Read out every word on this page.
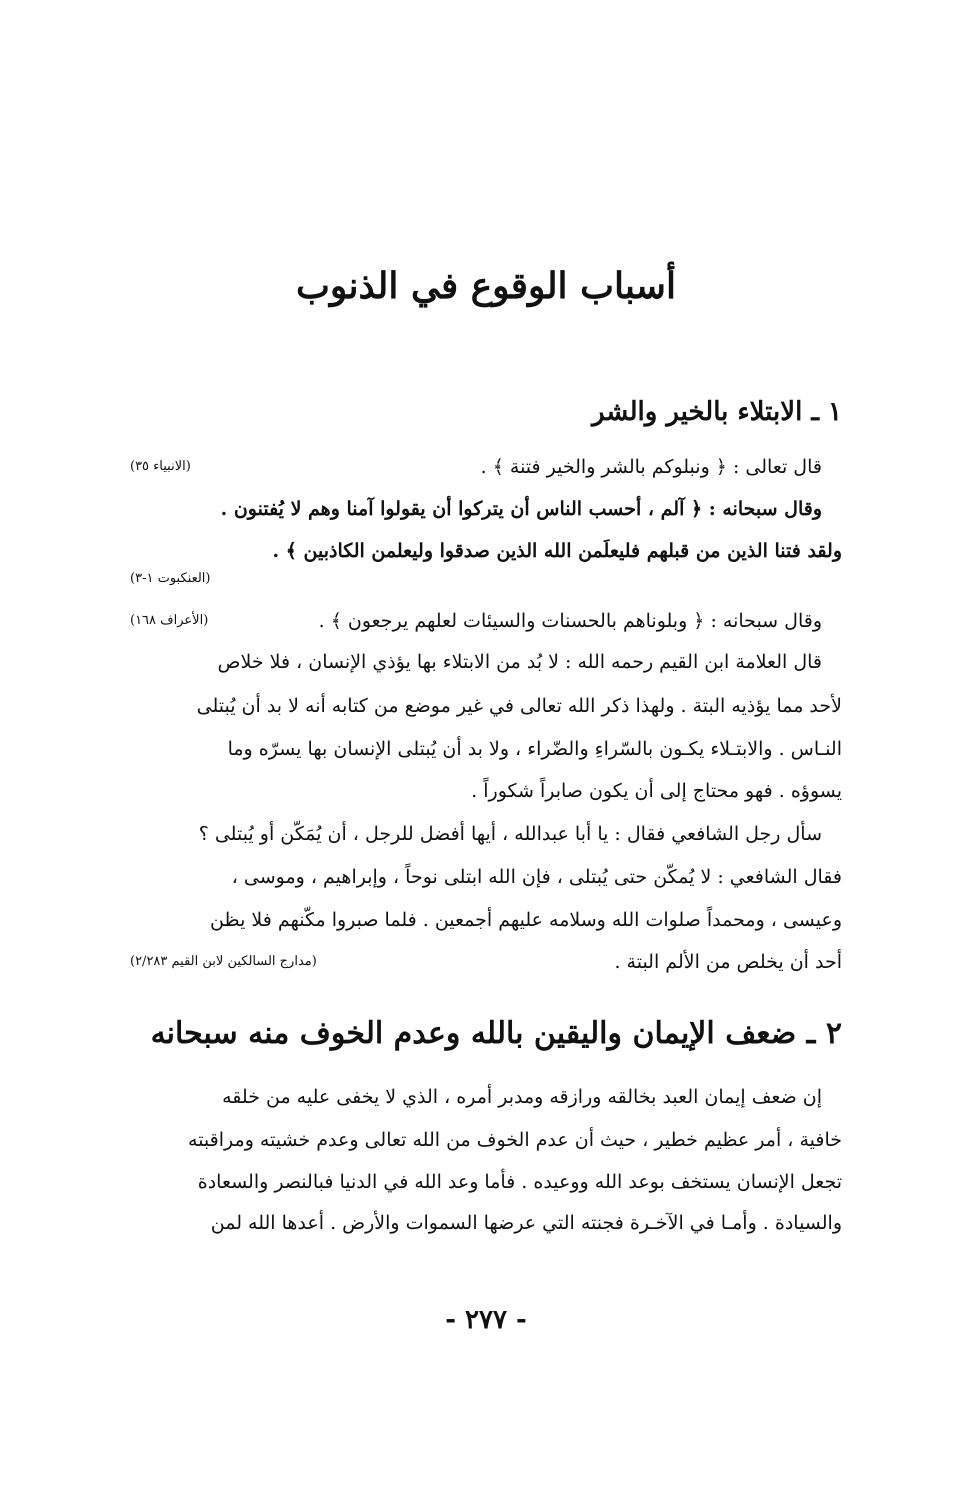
أسباب الوقوع في الذنوب
١ ـ الابتلاء بالخير والشر
قال تعالى : ﴿ ونبلوكم بالشر والخير فتنة ﴾ .
(الانبياء ٣٥)
وقال سبحانه : ﴿ آلم ، أحسب الناس أن يتركوا أن يقولوا آمنا وهم لا يُفتنون .
ولقد فتنا الذين من قبلهم فليعلَمن الله الذين صدقوا وليعلمن الكاذبين ﴾ .
(العنكبوت ١-٣)
وقال سبحانه : ﴿ وبلوناهم بالحسنات والسيئات لعلهم يرجعون ﴾ .
(الأعراف ١٦٨)
قال العلامة ابن القيم رحمه الله : لا بُد من الابتلاء بها يؤذي الإنسان ، فلا خلاص
لأحد مما يؤذيه البتة . ولهذا ذكر الله تعالى في غير موضع من كتابه أنه لا بد أن يُبتلى
النـاس . والابتـلاء يكـون بالسّراءِ والضّراء ، ولا بد أن يُبتلى الإنسان بها يسرّه وما
يسوؤه . فهو محتاج إلى أن يكون صابراً شكوراً .
سأل رجل الشافعي فقال : يا أبا عبدالله ، أيها أفضل للرجل ، أن يُمَكّن أو يُبتلى ؟
فقال الشافعي : لا يُمكّن حتى يُبتلى ، فإن الله ابتلى نوحاً ، وإبراهيم ، وموسى ،
وعيسى ، ومحمداً صلوات الله وسلامه عليهم أجمعين . فلما صبروا مكّنهم فلا يظن
أحد أن يخلص من الألم البتة .
(مدارج السالكين لابن القيم ٢/٢٨٣)
٢ ـ ضعف الإيمان واليقين بالله وعدم الخوف منه سبحانه
إن ضعف إيمان العبد بخالقه ورازقه ومدبر أمره ، الذي لا يخفى عليه من خلقه
خافية ، أمر عظيم خطير ، حيث أن عدم الخوف من الله تعالى وعدم خشيته ومراقبته
تجعل الإنسان يستخف بوعد الله ووعيده . فأما وعد الله في الدنيا فبالنصر والسعادة
والسيادة . وأمـا في الآخـرة فجنته التي عرضها السموات والأرض . أعدها الله لمن
- ٢٧٧ -
